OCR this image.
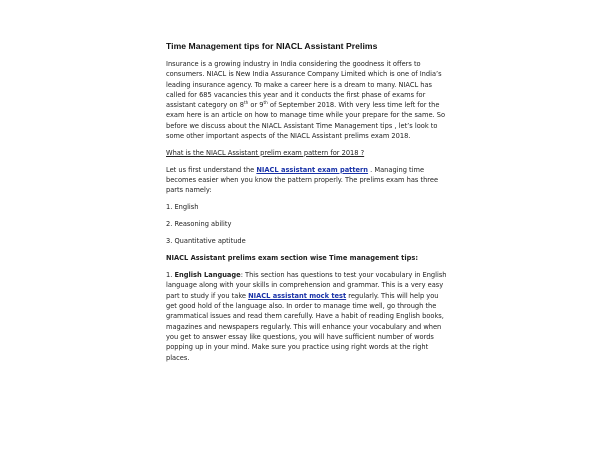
Time Management tips for NIACL Assistant Prelims

Insurance is a growing industry in India considering the goodness it offers to consumers. NIACL is New India Assurance Company Limited which is one of India’s leading insurance agency. To make a career here is a dream to many. NIACL has called for 685 vacancies this year and it conducts the first phase of exams for assistant category on 8th or 9th of September 2018. With very less time left for the exam here is an article on how to manage time while your prepare for the same. So before we discuss about the NIACL Assistant Time Management tips , let’s look to some other important aspects of the NIACL Assistant prelims exam 2018.

What is the NIACL Assistant prelim exam pattern for 2018 ?

Let us first understand the NIACL assistant exam pattern . Managing time becomes easier when you know the pattern properly. The prelims exam has three parts namely:

1. English
2. Reasoning ability
3. Quantitative aptitude
NIACL Assistant prelims exam section wise Time management tips:

1. English Language: This section has questions to test your vocabulary in English language along with your skills in comprehension and grammar. This is a very easy part to study if you take NIACL assistant mock test regularly. This will help you get good hold of the language also. In order to manage time well, go through the grammatical issues and read them carefully. Have a habit of reading English books, magazines and newspapers regularly. This will enhance your vocabulary and when you get to answer essay like questions, you will have sufficient number of words popping up in your mind. Make sure you practice using right words at the right places.
